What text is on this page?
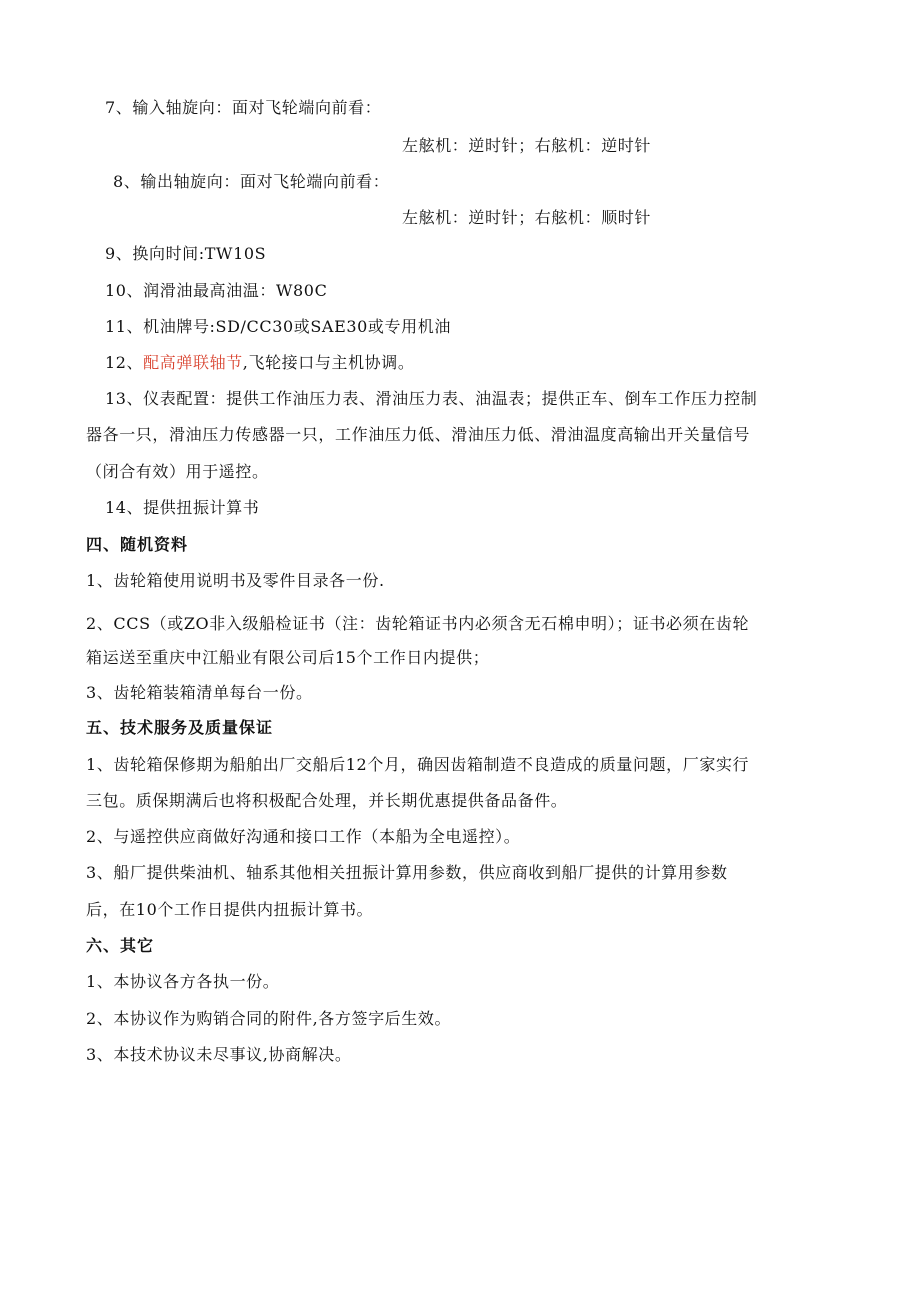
7、输入轴旋向：面对飞轮端向前看：
左舷机：逆时针；右舷机：逆时针
8、输出轴旋向：面对飞轮端向前看：
左舷机：逆时针；右舷机：顺时针
9、换向时间:TW10S
10、润滑油最高油温：W80C
11、机油牌号:SD/CC30或SAE30或专用机油
12、配高弹联轴节,飞轮接口与主机协调。
13、仪表配置：提供工作油压力表、滑油压力表、油温表；提供正车、倒车工作压力控制
器各一只，滑油压力传感器一只，工作油压力低、滑油压力低、滑油温度高输出开关量信号
（闭合有效）用于遥控。
14、提供扭振计算书
四、随机资料
1、齿轮箱使用说明书及零件目录各一份.
2、CCS（或ZO非入级船检证书（注：齿轮箱证书内必须含无石棉申明）；证书必须在齿轮
箱运送至重庆中江船业有限公司后15个工作日内提供；
3、齿轮箱装箱清单每台一份。
五、技术服务及质量保证
1、齿轮箱保修期为船舶出厂交船后12个月，确因齿箱制造不良造成的质量问题，厂家实行
三包。质保期满后也将积极配合处理，并长期优惠提供备品备件。
2、与遥控供应商做好沟通和接口工作（本船为全电遥控）。
3、船厂提供柴油机、轴系其他相关扭振计算用参数，供应商收到船厂提供的计算用参数
后，在10个工作日提供内扭振计算书。
六、其它
1、本协议各方各执一份。
2、本协议作为购销合同的附件,各方签字后生效。
3、本技术协议未尽事议,协商解决。
